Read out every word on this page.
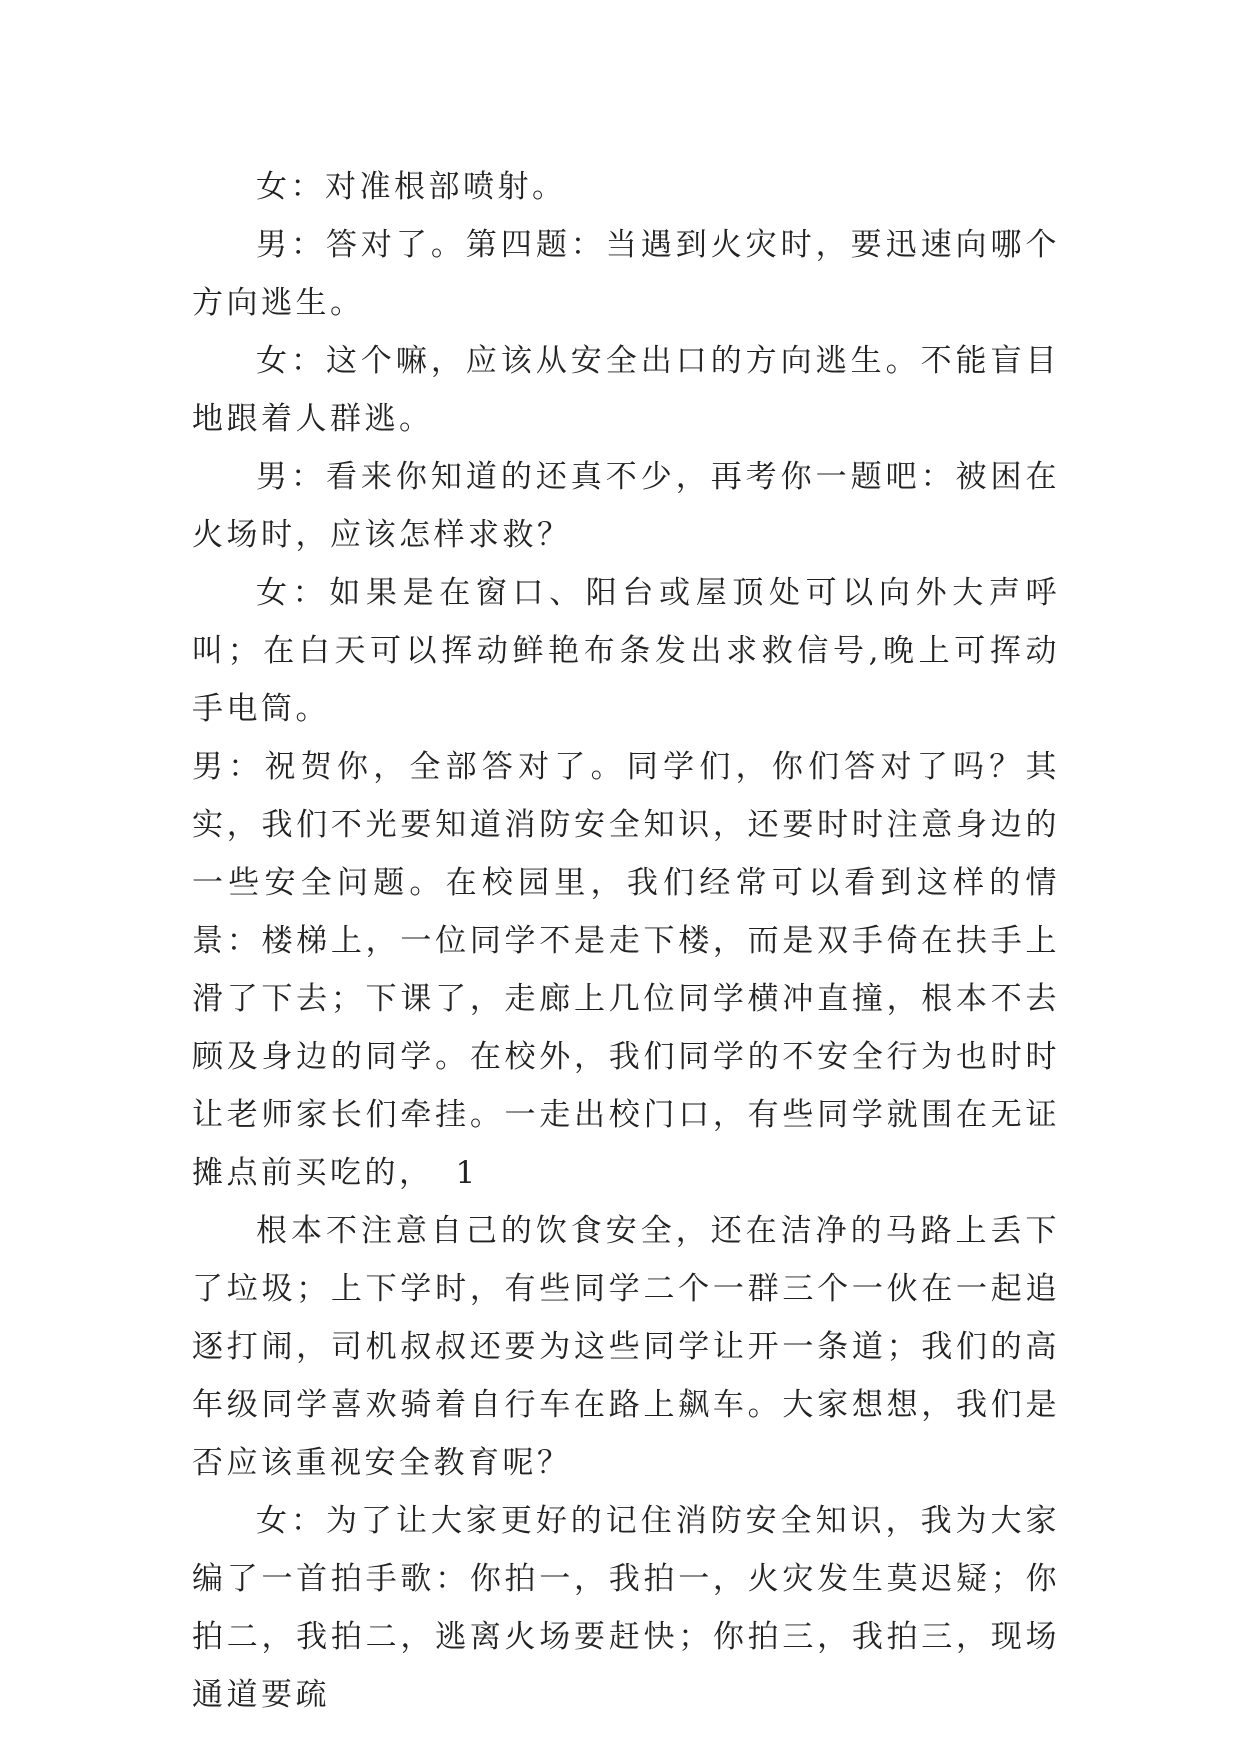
女：对准根部喷射。

男：答对了。第四题：当遇到火灾时，要迅速向哪个方向逃生。

女：这个嘛，应该从安全出口的方向逃生。不能盲目地跟着人群逃。

男：看来你知道的还真不少，再考你一题吧：被困在火场时，应该怎样求救？

女：如果是在窗口、阳台或屋顶处可以向外大声呼叫；在白天可以挥动鲜艳布条发出求救信号,晚上可挥动手电筒。

男：祝贺你，全部答对了。同学们，你们答对了吗？其实，我们不光要知道消防安全知识，还要时时注意身边的一些安全问题。在校园里，我们经常可以看到这样的情景：楼梯上，一位同学不是走下楼，而是双手倚在扶手上滑了下去；下课了，走廊上几位同学横冲直撞，根本不去顾及身边的同学。在校外，我们同学的不安全行为也时时让老师家长们牵挂。一走出校门口，有些同学就围在无证摊点前买吃的， 1

根本不注意自己的饮食安全，还在洁净的马路上丢下了垃圾；上下学时，有些同学二个一群三个一伙在一起追逐打闹，司机叔叔还要为这些同学让开一条道；我们的高年级同学喜欢骑着自行车在路上飙车。大家想想，我们是否应该重视安全教育呢？

女：为了让大家更好的记住消防安全知识，我为大家编了一首拍手歌：你拍一，我拍一，火灾发生莫迟疑；你拍二，我拍二，逃离火场要赶快；你拍三，我拍三，现场通道要疏
